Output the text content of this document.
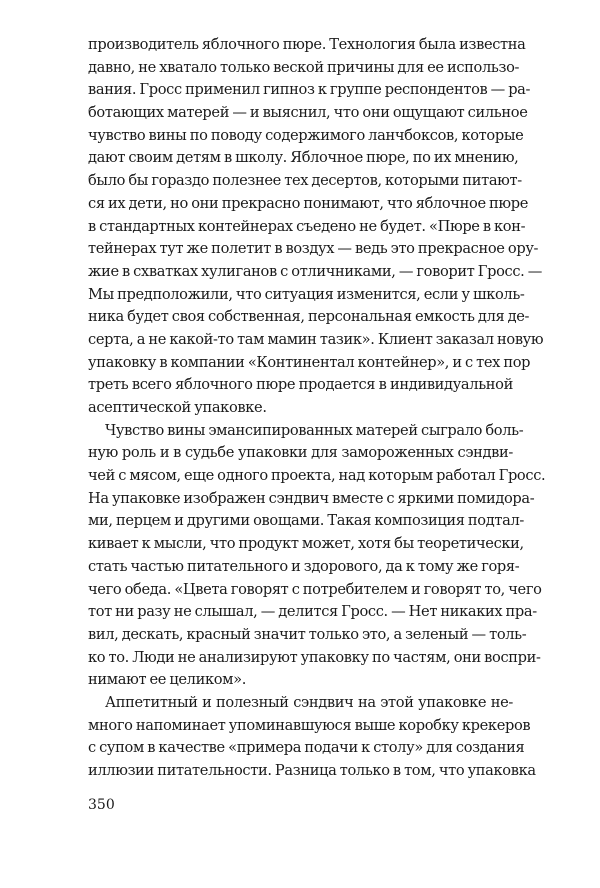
производитель яблочного пюре. Технология была известна
давно, не хватало только веской причины для ее использо-
вания. Гросс применил гипноз к группе респондентов — ра-
ботающих матерей — и выяснил, что они ощущают сильное
чувство вины по поводу содержимого ланчбоксов, которые
дают своим детям в школу. Яблочное пюре, по их мнению,
было бы гораздо полезнее тех десертов, которыми питают-
ся их дети, но они прекрасно понимают, что яблочное пюре
в стандартных контейнерах съедено не будет. «Пюре в кон-
тейнерах тут же полетит в воздух — ведь это прекрасное ору-
жие в схватках хулиганов с отличниками, — говорит Гросс. —
Мы предположили, что ситуация изменится, если у школь-
ника будет своя собственная, персональная емкость для де-
серта, а не какой-то там мамин тазик». Клиент заказал новую
упаковку в компании «Континентал контейнер», и с тех пор
треть всего яблочного пюре продается в индивидуальной
асептической упаковке.
Чувство вины эмансипированных матерей сыграло боль-
ную роль и в судьбе упаковки для замороженных сэндви-
чей с мясом, еще одного проекта, над которым работал Гросс.
На упаковке изображен сэндвич вместе с яркими помидора-
ми, перцем и другими овощами. Такая композиция подтал-
кивает к мысли, что продукт может, хотя бы теоретически,
стать частью питательного и здорового, да к тому же горя-
чего обеда. «Цвета говорят с потребителем и говорят то, чего
тот ни разу не слышал, — делится Гросс. — Нет никаких пра-
вил, дескать, красный значит только это, а зеленый — толь-
ко то. Люди не анализируют упаковку по частям, они воспри-
нимают ее целиком».
Аппетитный и полезный сэндвич на этой упаковке не-
много напоминает упоминавшуюся выше коробку крекеров
с супом в качестве «примера подачи к столу» для создания
иллюзии питательности. Разница только в том, что упаковка
350
